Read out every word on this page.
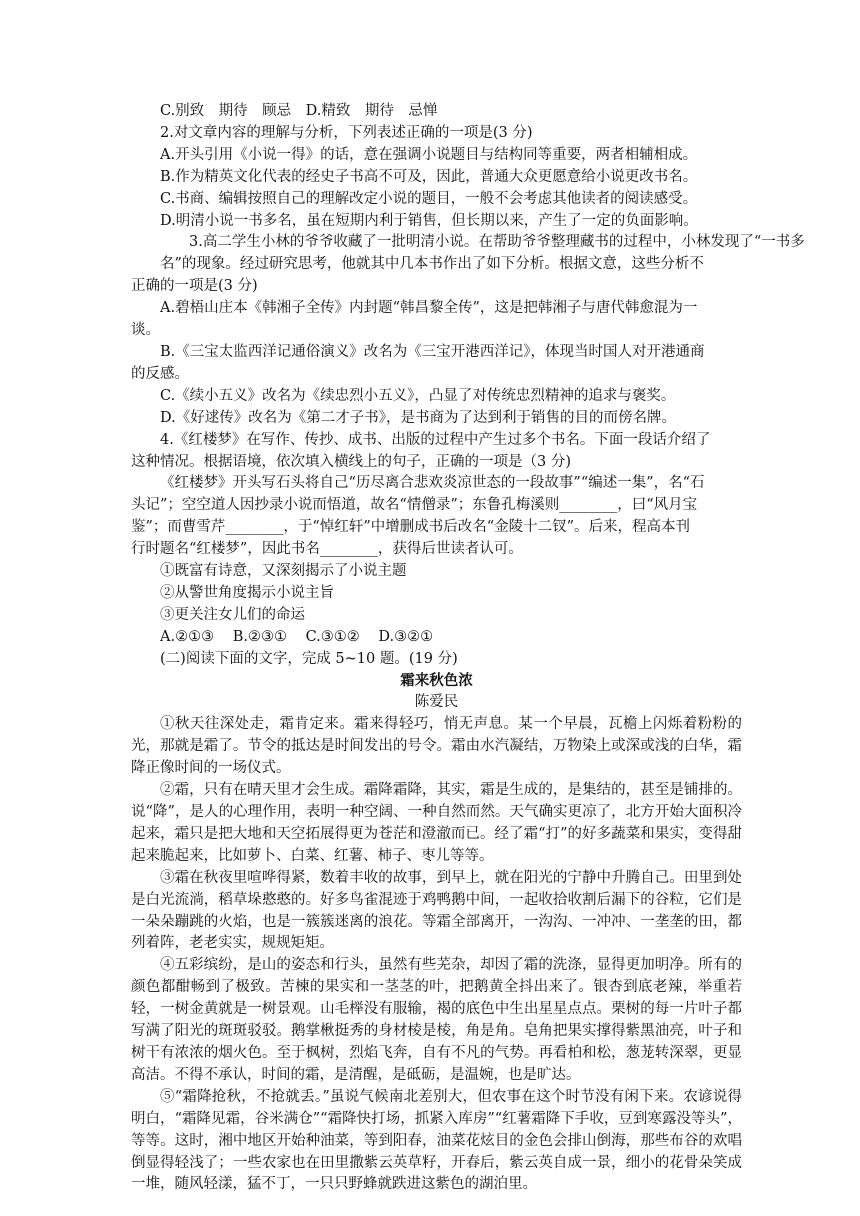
C.别致　期待　顾忌　D.精致　期待　忌惮
2.对文章内容的理解与分析，下列表述正确的一项是(3 分)
A.开头引用《小说一得》的话，意在强调小说题目与结构同等重要，两者相辅相成。
B.作为精英文化代表的经史子书高不可及，因此，普通大众更愿意给小说更改书名。
C.书商、编辑按照自己的理解改定小说的题目，一般不会考虑其他读者的阅读感受。
D.明清小说一书多名，虽在短期内利于销售，但长期以来，产生了一定的负面影响。
3.高二学生小林的爷爷收藏了一批明清小说。在帮助爷爷整理藏书的过程中，小林发现了“一书多
名”的现象。经过研究思考，他就其中几本书作出了如下分析。根据文意，这些分析不
正确的一项是(3 分)
A.碧梧山庄本《韩湘子全传》内封题“韩昌黎全传”，这是把韩湘子与唐代韩愈混为一
谈。
B.《三宝太监西洋记通俗演义》改名为《三宝开港西洋记》，体现当时国人对开港通商
的反感。
C.《续小五义》改名为《续忠烈小五义》，凸显了对传统忠烈精神的追求与褒奖。
D.《好逑传》改名为《第二才子书》，是书商为了达到利于销售的目的而傍名牌。
4.《红楼梦》在写作、传抄、成书、出版的过程中产生过多个书名。下面一段话介绍了
这种情况。根据语境，依次填入横线上的句子，正确的一项是（3 分)
《红楼梦》开头写石头将自己“历尽离合悲欢炎凉世态的一段故事”“编述一集”，名“石
头记”；空空道人因抄录小说而悟道，故名“情僧录”；东鲁孔梅溪则________，曰“风月宝
鉴”；而曹雪芹________，于“悼红轩”中增删成书后改名“金陵十二钗”。后来，程高本刊
行时题名“红楼梦”，因此书名________，获得后世读者认可。
①既富有诗意，又深刻揭示了小说主题
②从警世角度揭示小说主旨
③更关注女儿们的命运
A.②①③ B.②③① C.③①② D.③②①
(二)阅读下面的文字，完成 5~10 题。(19 分)
霜来秋色浓
陈爱民
①秋天往深处走，霜肯定来。霜来得轻巧，悄无声息。某一个早晨，瓦檐上闪烁着粉粉的光，那就是霜了。节令的抵达是时间发出的号令。霜由水汽凝结，万物染上或深或浅的白华，霜降正像时间的一场仪式。
②霜，只有在晴天里才会生成。霜降霜降，其实，霜是生成的，是集结的，甚至是铺排的。说“降”，是人的心理作用，表明一种空阔、一种自然而然。天气确实更凉了，北方开始大面积冷起来，霜只是把大地和天空拓展得更为苍茫和澄澈而已。经了霜“打”的好多蔬菜和果实，变得甜起来脆起来，比如萝卜、白菜、红薯、柿子、枣儿等等。
③霜在秋夜里喧哗得紧，数着丰收的故事，到早上，就在阳光的宁静中升腾自己。田里到处是白光流淌，稻草垛憨憨的。好多鸟雀混迹于鸡鸭鹅中间，一起收拾收割后漏下的谷粒，它们是一朵朵蹦跳的火焰，也是一簇簇迷离的浪花。等霜全部离开，一沟沟、一冲冲、一垄垄的田，都列着阵，老老实实，规规矩矩。
④五彩缤纷，是山的姿态和行头，虽然有些芜杂，却因了霜的洗涤，显得更加明净。所有的颜色都酣畅到了极致。苦楝的果实和一茎茎的叶，把鹅黄全抖出来了。银杏到底老辣，举重若轻，一树金黄就是一树景观。山毛榉没有服输，褐的底色中生出星星点点。栗树的每一片叶子都写满了阳光的斑斑驳驳。鹅掌楸挺秀的身材棱是棱，角是角。皂角把果实撑得紫黑油亮，叶子和树干有浓浓的烟火色。至于枫树，烈焰飞奔，自有不凡的气势。再看柏和松，葱茏转深翠，更显高洁。不得不承认，时间的霜，是清醒，是砥砺，是温婉，也是旷达。
⑤“霜降抢秋，不抢就丢。”虽说气候南北差别大，但农事在这个时节没有闲下来。农谚说得明白，“霜降见霜，谷米满仓”“霜降快打场，抓紧入库房”“红薯霜降下手收，豆到寒露没等头”，等等。这时，湘中地区开始种油菜，等到阳春，油菜花炫目的金色会排山倒海，那些布谷的欢唱倒显得轻浅了；一些农家也在田里撒紫云英草籽，开春后，紫云英自成一景，细小的花骨朵笑成一堆，随风轻漾，猛不丁，一只只野蜂就跌进这紫色的湖泊里。
